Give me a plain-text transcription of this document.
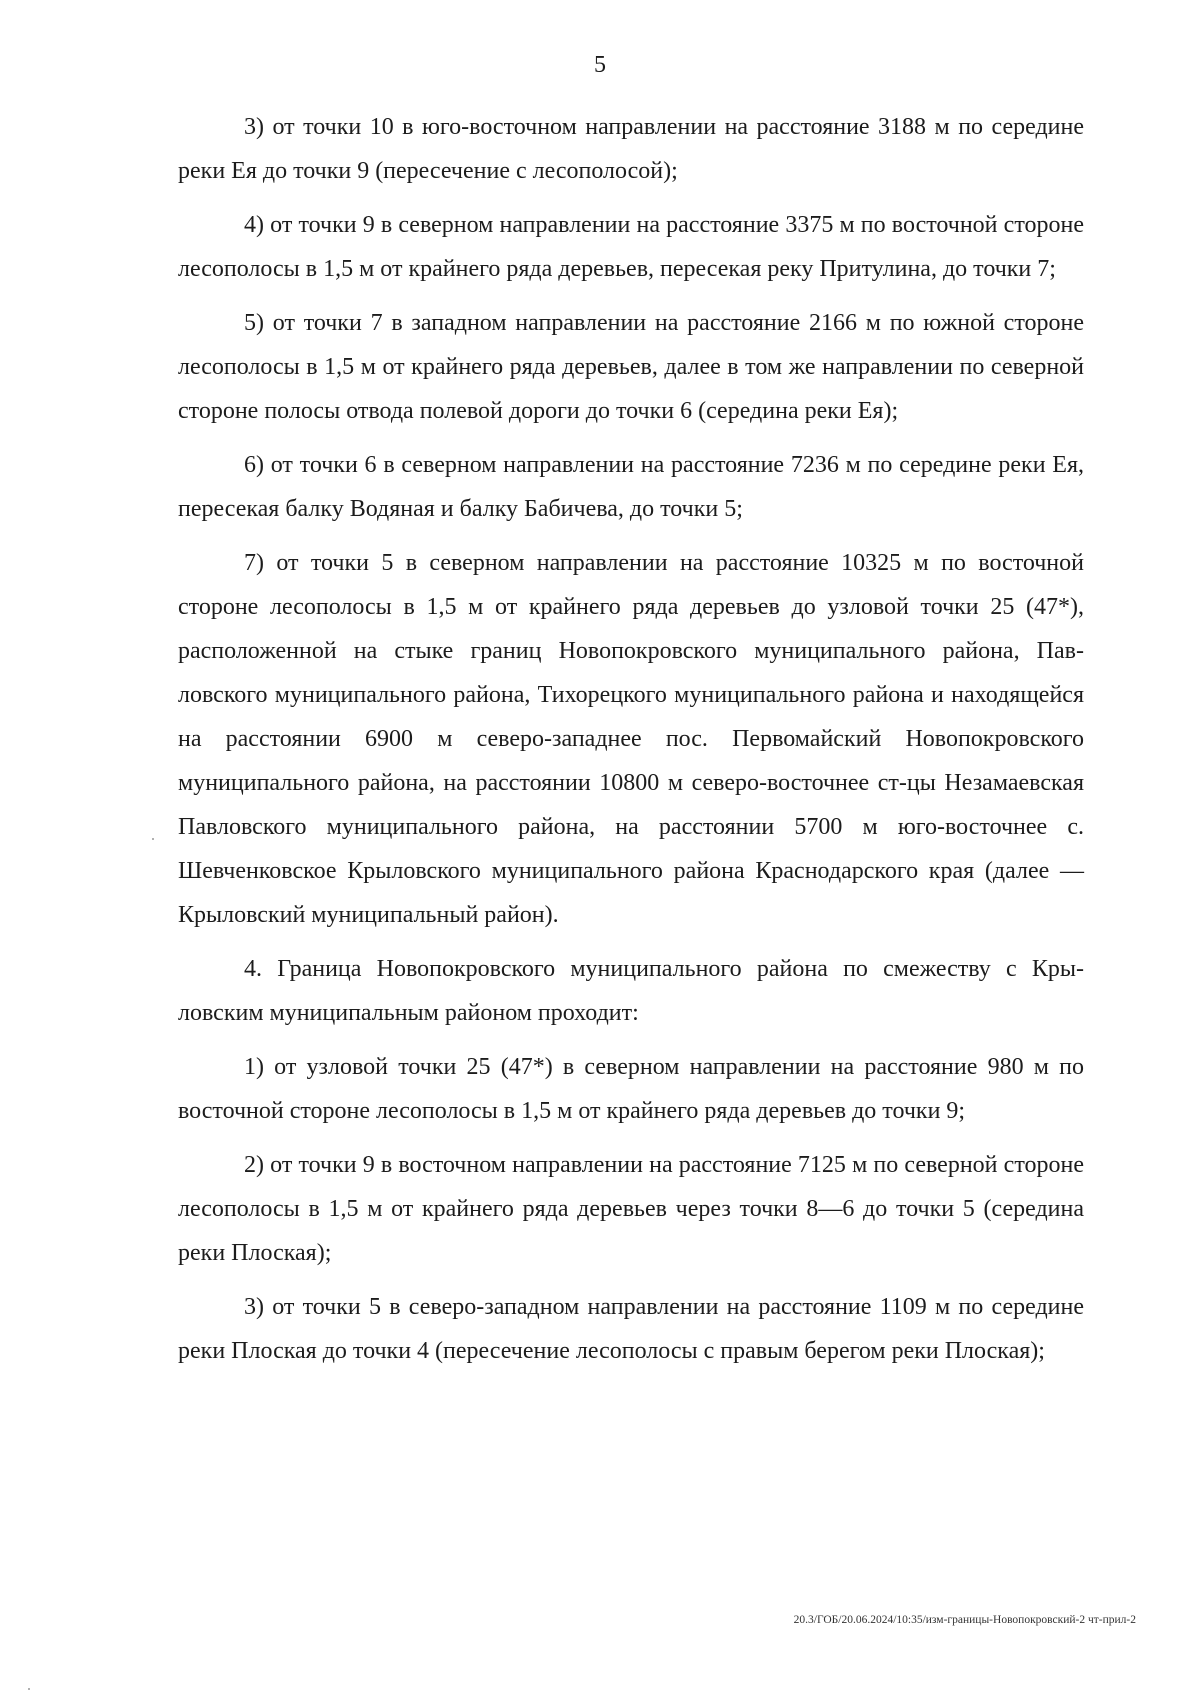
5

3) от точки 10 в юго-восточном направлении на расстояние 3188 м по середине реки Ея до точки 9 (пересечение с лесополосой);

4) от точки 9 в северном направлении на расстояние 3375 м по восточной стороне лесополосы в 1,5 м от крайнего ряда деревьев, пересекая реку Притулина, до точки 7;

5) от точки 7 в западном направлении на расстояние 2166 м по южной стороне лесополосы в 1,5 м от крайнего ряда деревьев, далее в том же направлении по северной стороне полосы отвода полевой дороги до точки 6 (середина реки Ея);

6) от точки 6 в северном направлении на расстояние 7236 м по середине реки Ея, пересекая балку Водяная и балку Бабичева, до точки 5;

7) от точки 5 в северном направлении на расстояние 10325 м по восточной стороне лесополосы в 1,5 м от крайнего ряда деревьев до узловой точки 25 (47*), расположенной на стыке границ Новопокровского муниципального района, Павловского муниципального района, Тихорецкого муниципального района и находящейся на расстоянии 6900 м северо-западнее пос. Первомайский Новопокровского муниципального района, на расстоянии 10800 м северо-восточнее ст-цы Незамаевская Павловского муниципального района, на расстоянии 5700 м юго-восточнее с. Шевченковское Крыловского муниципального района Краснодарского края (далее — Крыловский муниципальный район).

4. Граница Новопокровского муниципального района по смежеству с Крыловским муниципальным районом проходит:

1) от узловой точки 25 (47*) в северном направлении на расстояние 980 м по восточной стороне лесополосы в 1,5 м от крайнего ряда деревьев до точки 9;

2) от точки 9 в восточном направлении на расстояние 7125 м по северной стороне лесополосы в 1,5 м от крайнего ряда деревьев через точки 8—6 до точки 5 (середина реки Плоская);

3) от точки 5 в северо-западном направлении на расстояние 1109 м по середине реки Плоская до точки 4 (пересечение лесополосы с правым берегом реки Плоская);

20.3/ГОБ/20.06.2024/10:35/изм-границы-Новопокровский-2 чт-прил-2
